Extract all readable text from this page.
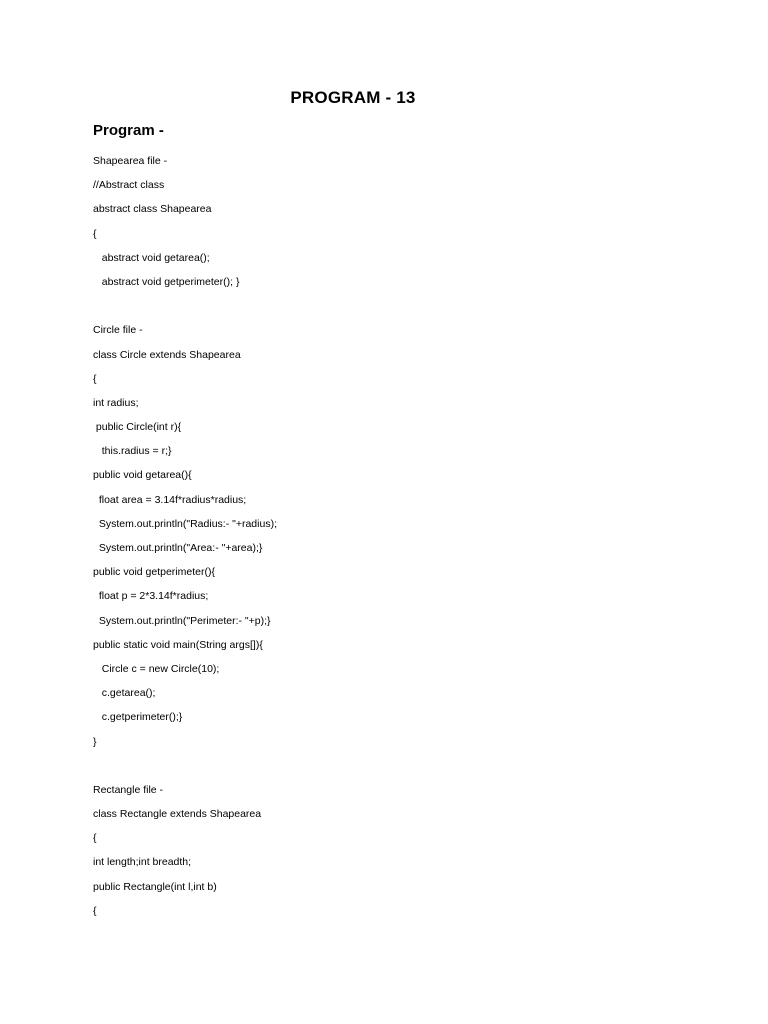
PROGRAM - 13
Program -
Shapearea file -
//Abstract class
abstract class Shapearea
{
abstract void getarea();
abstract void getperimeter(); }
Circle file -
class Circle extends Shapearea
{
int radius;
public Circle(int r){
this.radius = r;}
public void getarea(){
float area = 3.14f*radius*radius;
System.out.println("Radius:- "+radius);
System.out.println("Area:- "+area);}
public void getperimeter(){
float p = 2*3.14f*radius;
System.out.println("Perimeter:- "+p);}
public static void main(String args[]){
Circle c = new Circle(10);
c.getarea();
c.getperimeter();}
}
Rectangle file -
class Rectangle extends Shapearea
{
int length;int breadth;
public Rectangle(int l,int b)
{
